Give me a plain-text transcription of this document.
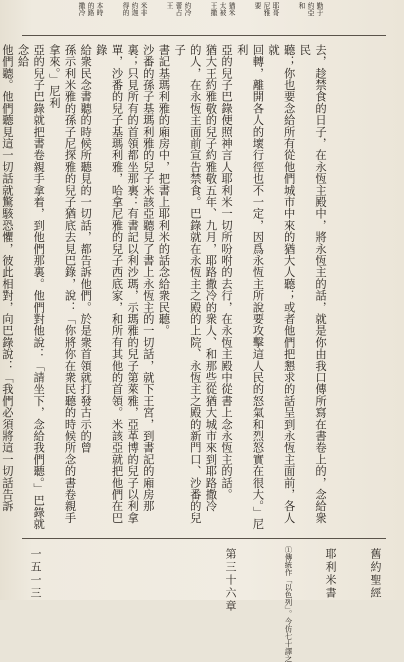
勤于
約亞
和
耶哥
尼雅
要
猶米
太被
王撒
約冷
蕾占
王
米非
約迦
得的
本時
的路
撒冷

去，趁禁食的日子，在永恆主殿中，將永恆主的話，就是你由我口傳所寫在書卷上的，念給衆民

聽；你也要念給所有從他們城市中來的猶大人聽；或者他們把懇求的話呈到永恆主面前，各人就

回轉，離開各人的壞行徑也不一定，因爲永恆主所說要攻擊這人民的怒氣和烈怒實在很大。」尼利

亞的兒子巴錄便照神言人耶利米一切所吩咐的去行，在永恆主殿中從書上念永恆主的話。

猶大王約雅敬的兒子約雅敬五年、九月，耶路撒冷的衆人、和那些從猶大城市來到耶路撒冷

的人，在永恆主面前宣告禁食。巴錄就在永恆主之殿的上院、永恆主之殿的新門口、沙番的兒子

書記基瑪利雅的廂房中，把書上耶利米的話念給衆民聽。

沙番的孫子基瑪利雅的兒子米該亞聽見了書上永恆主的一切話，就下王宮，到書記的廂房那

裏；只見所有的首領都坐那裏：有書記以利沙瑪，示瑪雅的兒子第萊雅，亞革博的兒子以利拿

單，沙番的兒子基瑪利雅，哈拿尼雅的兒子西底家，和所有其他的首領。米該亞就把他們在巴錄

給衆民念書聽的時候所聽見的一切話，都告訴他們。於是衆首領就打發古示的曾

孫示利米雅的孫子尼探雅的兒子猶底去見巴錄，說：「你將你在衆民聽的時候所念的書卷親手拿來。」尼利

亞的兒子巴錄就把書卷親手拿着，到他們那裏。他們對他說：「請坐下，念給我們聽。」巴錄就念給

他們聽。他們聽見這一切話就驚駭恐懼，彼此相對，向巴錄說：「我們必須將這一切話告訴

舊約聖經
耶利米書
第三十六章
一五一三	①傳統作「以色列」。今仿七十譯之
